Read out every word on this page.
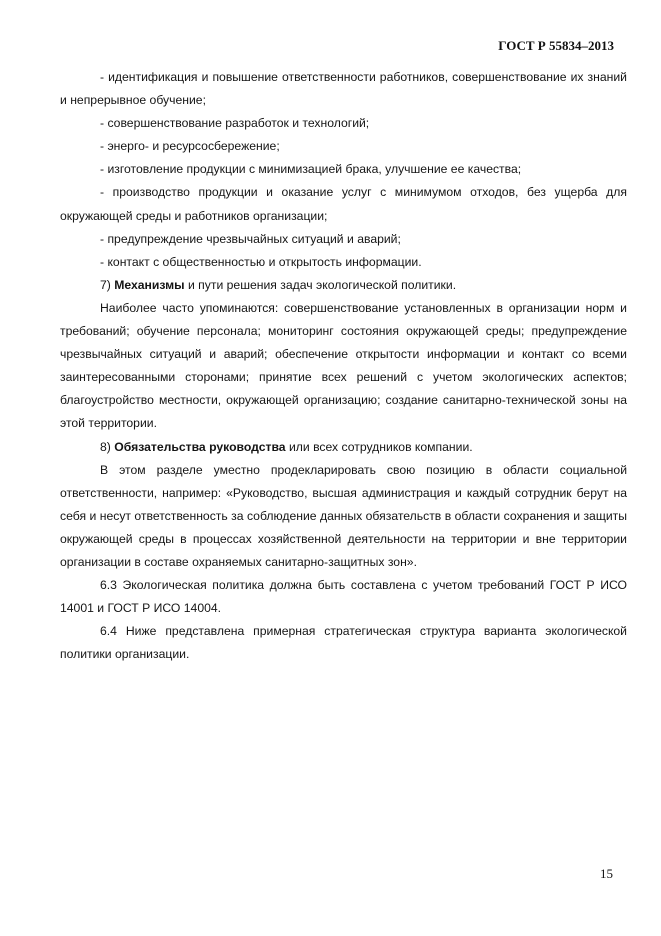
ГОСТ Р 55834–2013

- идентификация и повышение ответственности работников, совершенствование их знаний и непрерывное обучение;

- совершенствование разработок и технологий;

- энерго- и ресурсосбережение;

- изготовление продукции с минимизацией брака, улучшение ее качества;

- производство продукции и оказание услуг с минимумом отходов, без ущерба для окружающей среды и работников организации;

- предупреждение чрезвычайных ситуаций и аварий;

- контакт с общественностью и открытость информации.

7) Механизмы и пути решения задач экологической политики.

Наиболее часто упоминаются: совершенствование установленных в организации норм и требований; обучение персонала; мониторинг состояния окружающей среды; предупреждение чрезвычайных ситуаций и аварий; обеспечение открытости информации и контакт со всеми заинтересованными сторонами; принятие всех решений с учетом экологических аспектов; благоустройство местности, окружающей организацию; создание санитарно-технической зоны на этой территории.

8) Обязательства руководства или всех сотрудников компании.

В этом разделе уместно продекларировать свою позицию в области социальной ответственности, например: «Руководство, высшая администрация и каждый сотрудник берут на себя и несут ответственность за соблюдение данных обязательств в области сохранения и защиты окружающей среды в процессах хозяйственной деятельности на территории и вне территории организации в составе охраняемых санитарно-защитных зон».

6.3 Экологическая политика должна быть составлена с учетом требований ГОСТ Р ИСО 14001 и ГОСТ Р ИСО 14004.

6.4 Ниже представлена примерная стратегическая структура варианта экологической политики организации.

15
